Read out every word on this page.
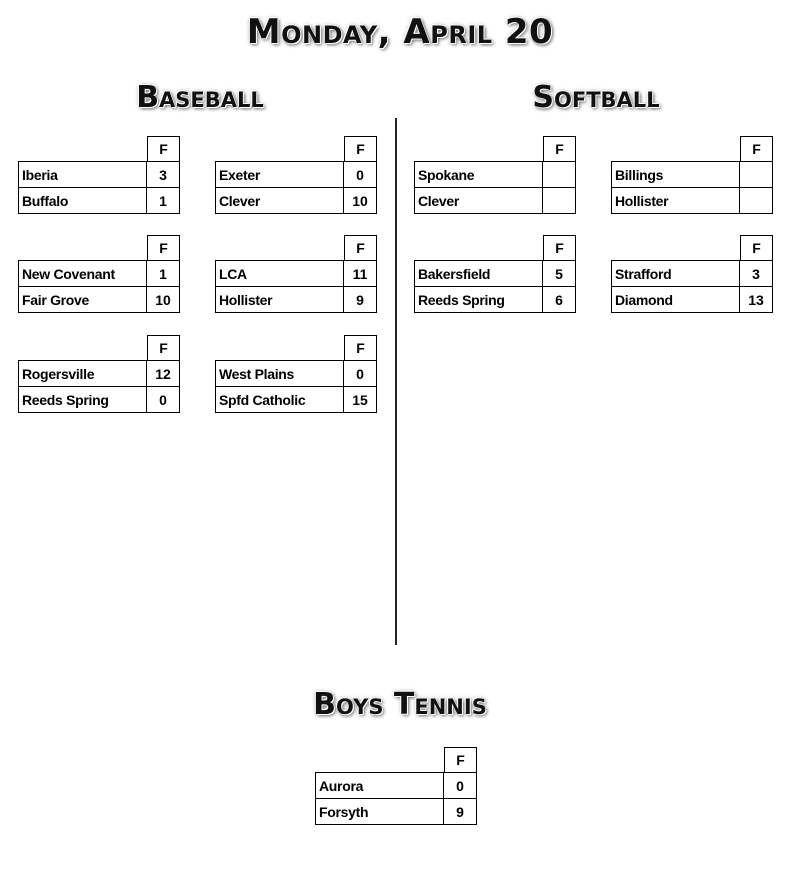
Monday, April 20
Baseball	Softball
Boys Tennis
F
Iberia	3
Buffalo	1
F
Exeter	0
Clever	10
F
New Covenant	1
Fair Grove	10
F
LCA	11
Hollister	9
F
Rogersville	12
Reeds Spring	0
F
West Plains	0
Spfd Catholic	15
F
Spokane
Clever
F
Billings
Hollister
F
Bakersfield	5
Reeds Spring	6
F
Strafford	3
Diamond	13
F
Aurora	0
Forsyth	9
